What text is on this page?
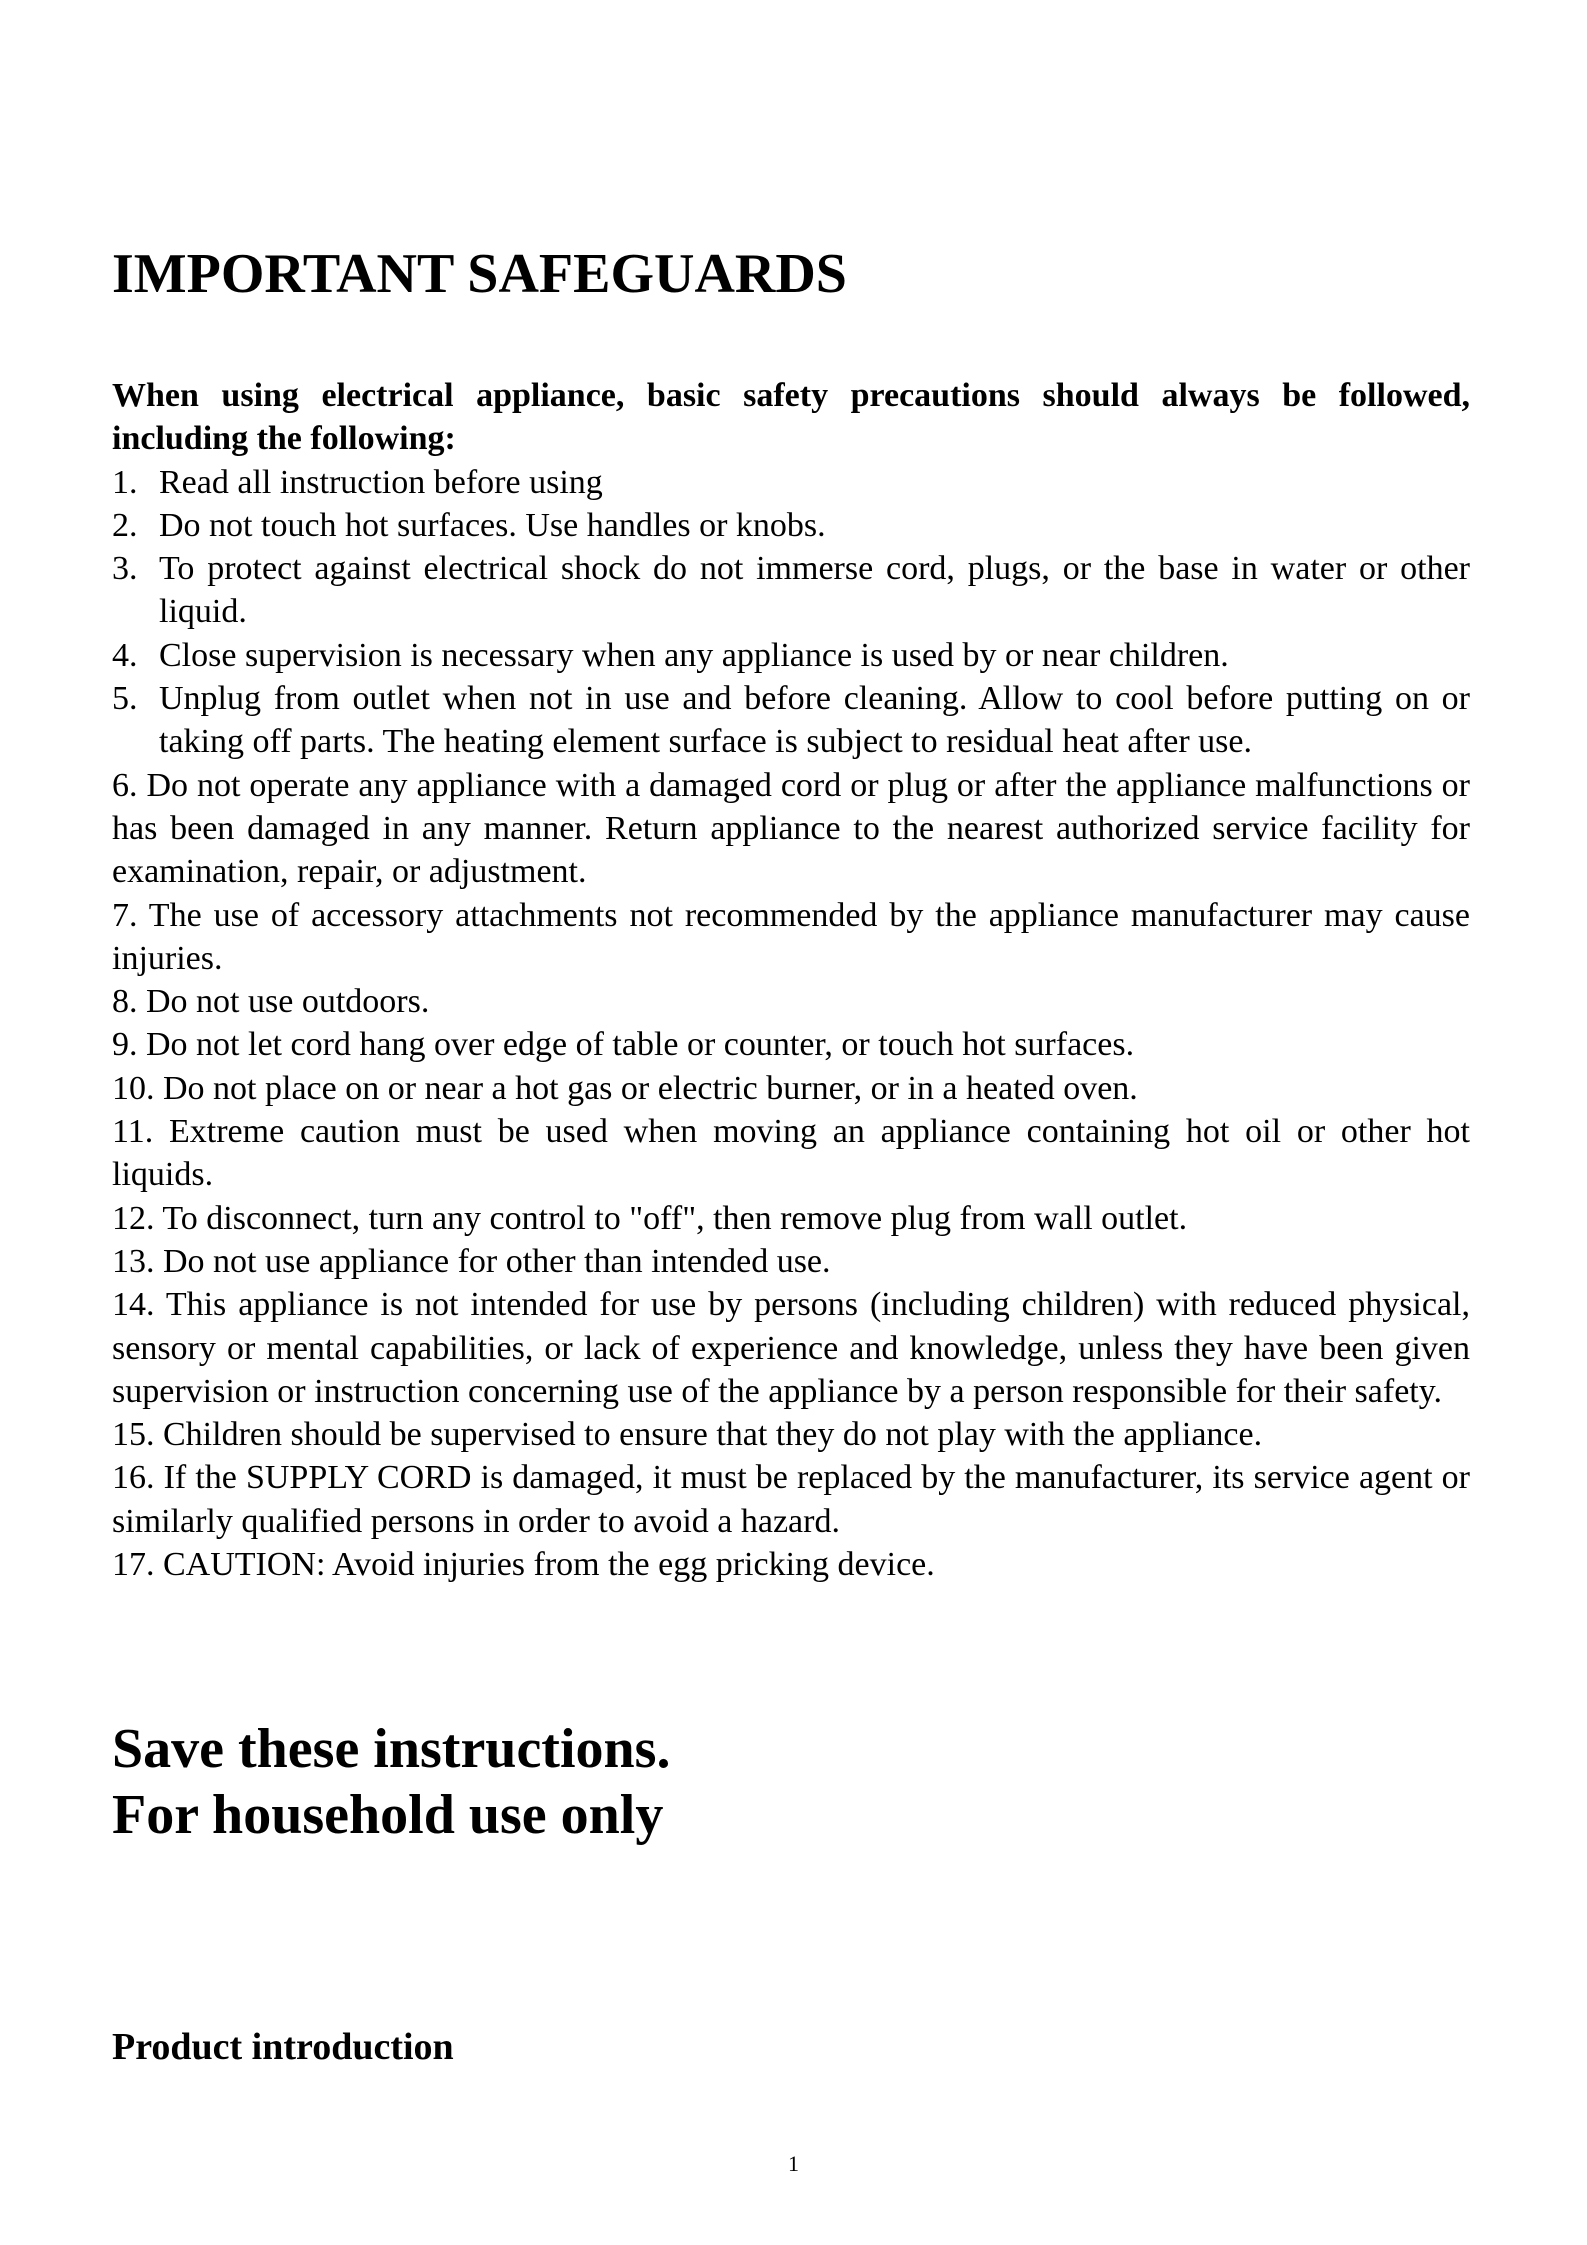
IMPORTANT SAFEGUARDS

When using electrical appliance, basic safety precautions should always be followed, including the following:

1. Read all instruction before using
2. Do not touch hot surfaces. Use handles or knobs.
3. To protect against electrical shock do not immerse cord, plugs, or the base in water or other liquid.
4. Close supervision is necessary when any appliance is used by or near children.
5. Unplug from outlet when not in use and before cleaning. Allow to cool before putting on or taking off parts. The heating element surface is subject to residual heat after use.

6. Do not operate any appliance with a damaged cord or plug or after the appliance malfunctions or has been damaged in any manner. Return appliance to the nearest authorized service facility for examination, repair, or adjustment.

7. The use of accessory attachments not recommended by the appliance manufacturer may cause injuries.

8. Do not use outdoors.

9. Do not let cord hang over edge of table or counter, or touch hot surfaces.

10. Do not place on or near a hot gas or electric burner, or in a heated oven.

11. Extreme caution must be used when moving an appliance containing hot oil or other hot liquids.

12. To disconnect, turn any control to "off", then remove plug from wall outlet.

13. Do not use appliance for other than intended use.

14. This appliance is not intended for use by persons (including children) with reduced physical, sensory or mental capabilities, or lack of experience and knowledge, unless they have been given supervision or instruction concerning use of the appliance by a person responsible for their safety.

15. Children should be supervised to ensure that they do not play with the appliance.

16. If the SUPPLY CORD is damaged, it must be replaced by the manufacturer, its service agent or similarly qualified persons in order to avoid a hazard.

17. CAUTION: Avoid injuries from the egg pricking device.

Save these instructions.
For household use only
Product introduction
1
